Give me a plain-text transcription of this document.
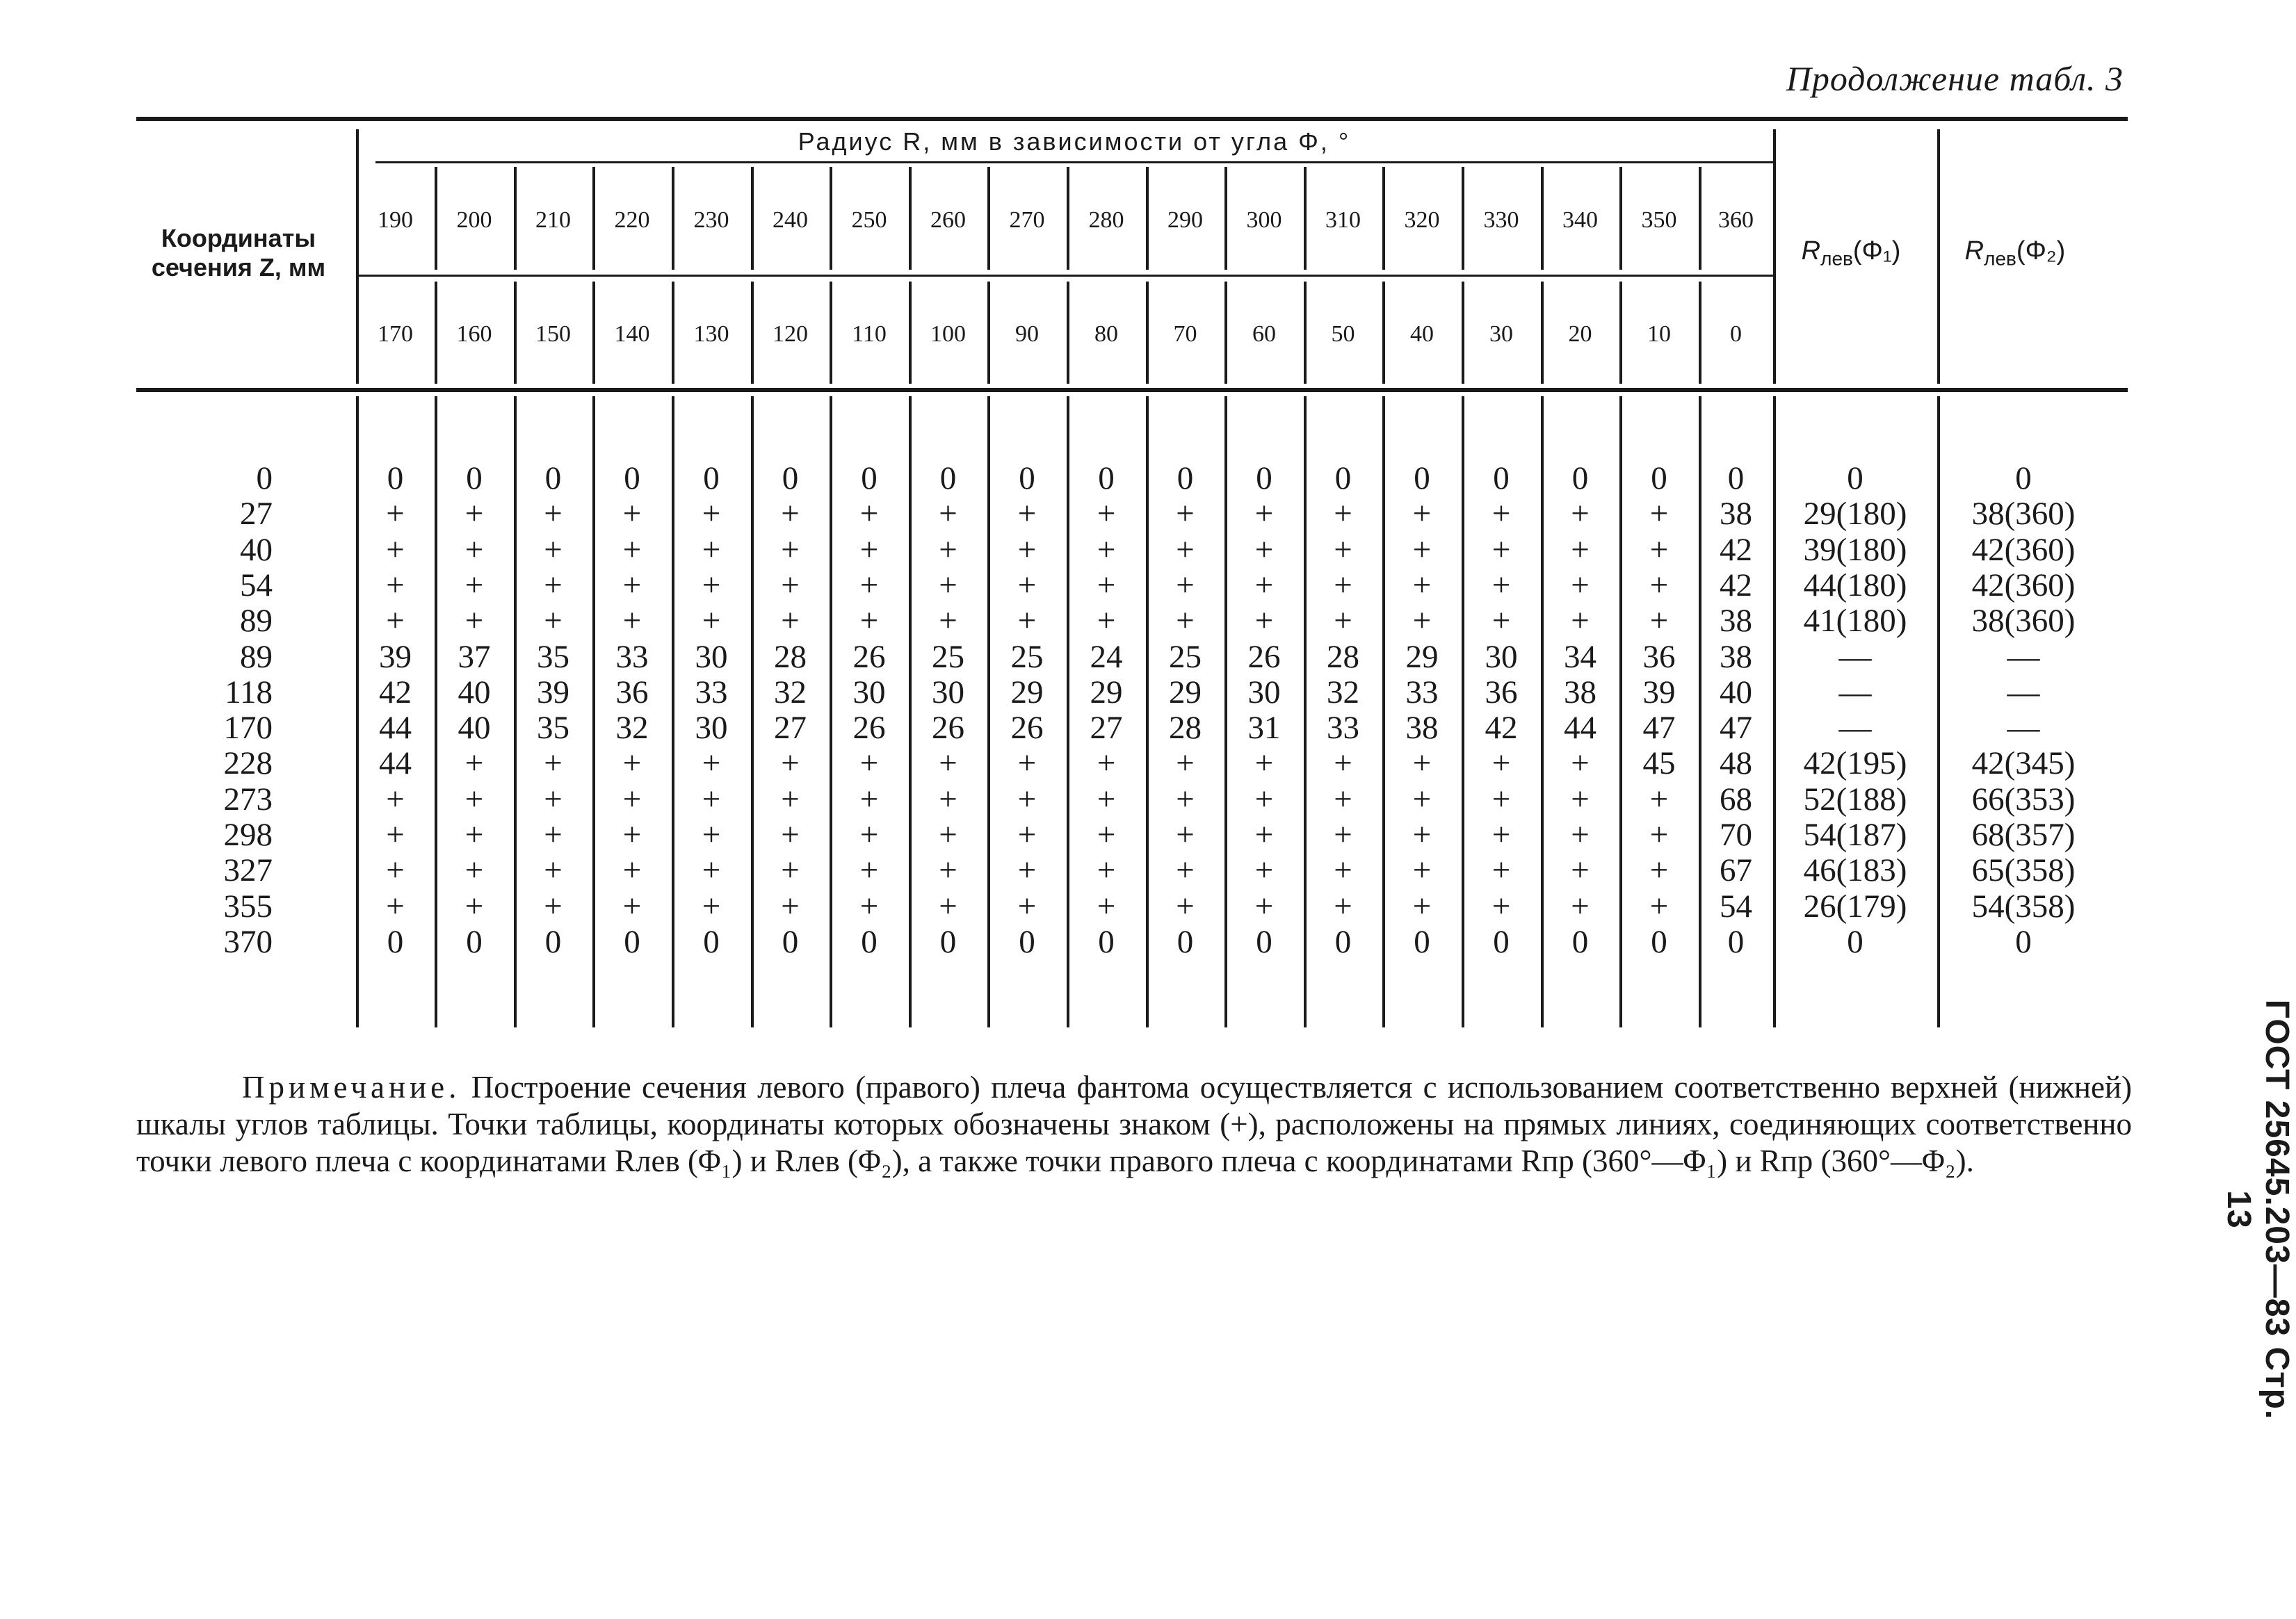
Продолжение табл. 3
Координаты
сечения Z, мм
Радиус R, мм в зависимости от угла Φ, °
190 200 210 220 230 240 250 260 270 280 290 300 310 320 330 340 350 360
170 160 150 140 130 120 110 100 90 80 70 60 50 40 30 20 10	0
0	0 0 0 0 0 0 0 0 0 0 0 0 0 0 0 0 0 0	0	0
27	+ + + + + + + + + + + + + + + + + 38 29(180) 38(360)
40	+ + + + + + + + + + + + + + + + + 42 39(180) 42(360)
54	+ + + + + + + + + + + + + + + + + 42 44(180) 42(360)
89	+ + + + + + + + + + + + + + + + + 38 41(180) 38(360)
89	39 37 35 33 30 28 26 25 25 24 25 26 28 29 30 34 36 38	—	—
118	42 40 39 36 33 32 30 30 29 29 29 30 32 33 36 38 39 40	—	—
170	44 40 35 32 30 27 26 26 26 27 28 31 33 38 42 44 47 47	—	—
228	44 + + + + + + + + + + + + + + + 45 48 42(195) 42(345)
273	+ + + + + + + + + + + + + + + + + 68 52(188) 66(353)
298	+ + + + + + + + + + + + + + + + + 70 54(187) 68(357)
327	+ + + + + + + + + + + + + + + + + 67 46(183) 65(358)
355	+ + + + + + + + + + + + + + + + + 54 26(179) 54(358)
370	0 0 0 0 0 0 0 0 0 0 0 0 0 0 0 0 0 0	0	0
$R_{лев}(\Phi_1)$ $R_{лев}(\Phi_2)$
Примечание. Построение сечения левого (правого) плеча фантома осуществляется с использованием соответственно верхней (нижней) шкалы углов таблицы. Точки таблицы, координаты которых обозначены знаком (+), расположены на прямых линиях, соединяющих соответственно точки левого плеча с координатами Rлев (Φ₁) и Rлев (Φ₂), а также точки правого плеча с координатами Rпр (360°—Φ₁) и Rпр (360°—Φ₂).	ГОСТ 25645.203—83 Стр. 13
